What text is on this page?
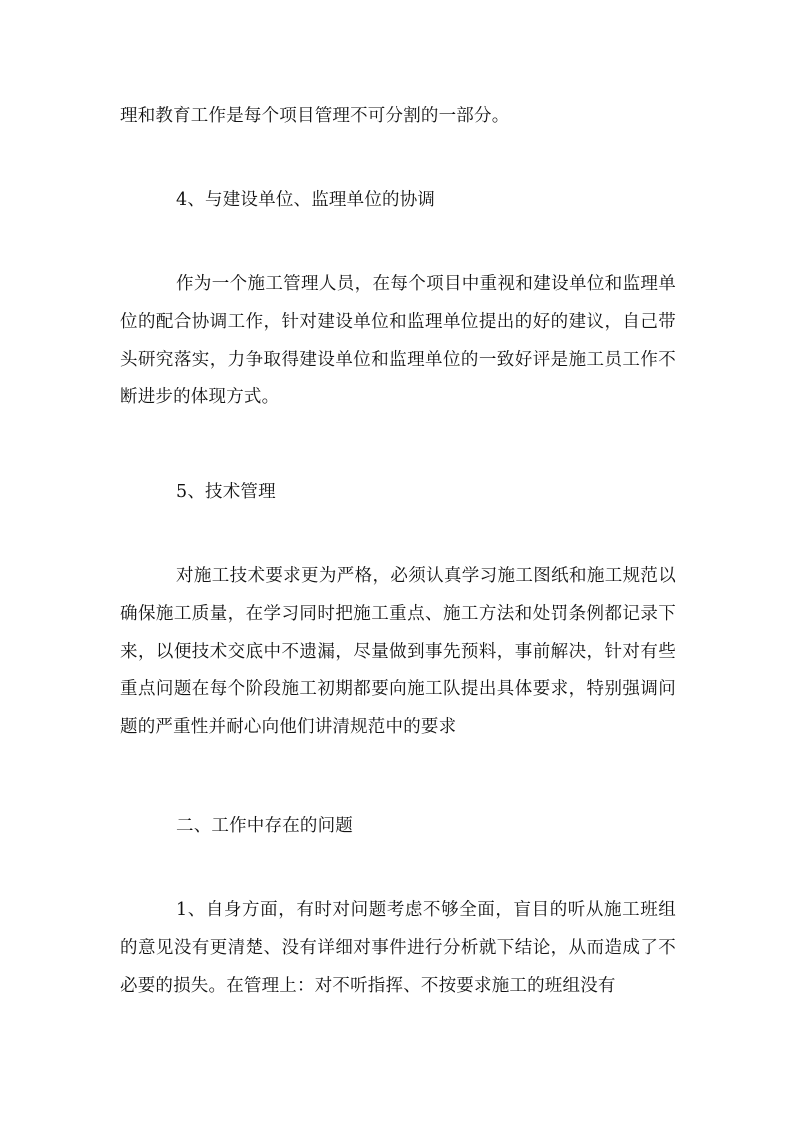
理和教育工作是每个项目管理不可分割的一部分。

4、与建设单位、监理单位的协调

作为一个施工管理人员，在每个项目中重视和建设单位和监理单位的配合协调工作，针对建设单位和监理单位提出的好的建议，自己带头研究落实，力争取得建设单位和监理单位的一致好评是施工员工作不断进步的体现方式。

5、技术管理

对施工技术要求更为严格，必须认真学习施工图纸和施工规范以确保施工质量，在学习同时把施工重点、施工方法和处罚条例都记录下来，以便技术交底中不遗漏，尽量做到事先预料，事前解决，针对有些重点问题在每个阶段施工初期都要向施工队提出具体要求，特别强调问题的严重性并耐心向他们讲清规范中的要求

二、工作中存在的问题

1、自身方面，有时对问题考虑不够全面，盲目的听从施工班组的意见没有更清楚、没有详细对事件进行分析就下结论，从而造成了不必要的损失。在管理上：对不听指挥、不按要求施工的班组没有
